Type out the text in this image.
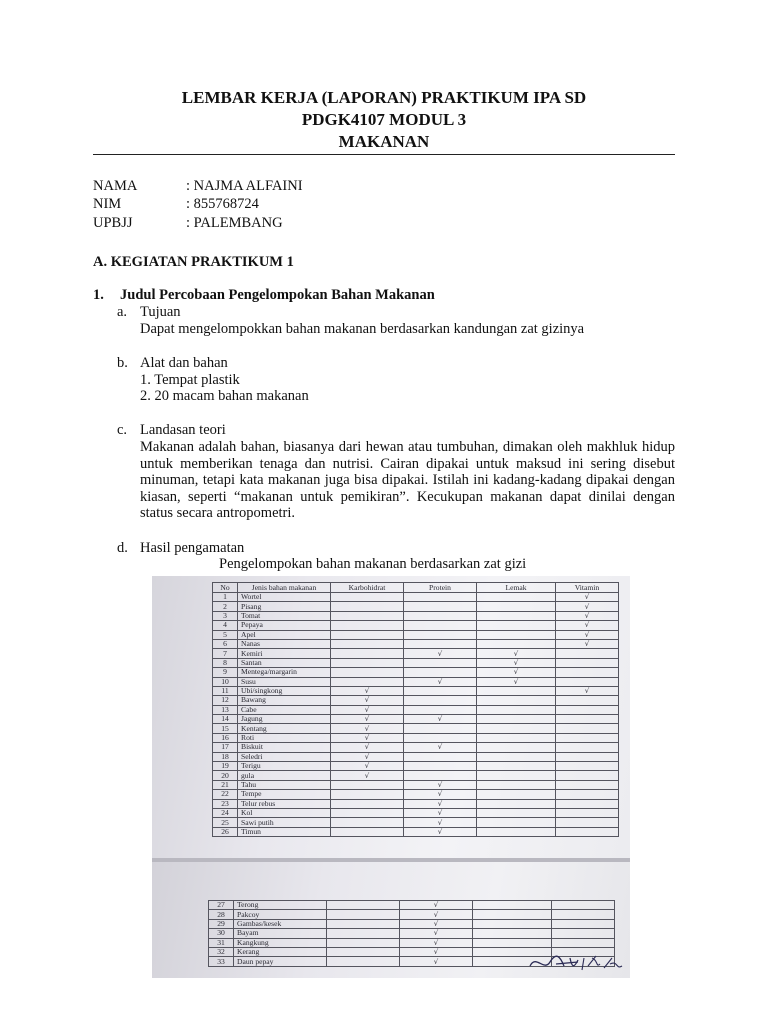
LEMBAR KERJA (LAPORAN) PRAKTIKUM IPA SD
PDGK4107 MODUL 3
MAKANAN
NAMA	: NAJMA ALFAINI
NIM	: 855768724
UPBJJ	: PALEMBANG
A. KEGIATAN PRAKTIKUM 1
1. Judul Percobaan Pengelompokan Bahan Makanan
a. Tujuan
Dapat mengelompokkan bahan makanan berdasarkan kandungan zat gizinya
b. Alat dan bahan
1. Tempat plastik
2. 20 macam bahan makanan
c. Landasan teori
Makanan adalah bahan, biasanya dari hewan atau tumbuhan, dimakan oleh makhluk hidup untuk memberikan tenaga dan nutrisi. Cairan dipakai untuk maksud ini sering disebut minuman, tetapi kata makanan juga bisa dipakai. Istilah ini kadang-kadang dipakai dengan kiasan, seperti “makanan untuk pemikiran”. Kecukupan makanan dapat dinilai dengan status secara antropometri.
d. Hasil pengamatan
Pengelompokan bahan makanan berdasarkan zat gizi
No	Jenis bahan makanan	Karbohidrat	Protein	Lemak	Vitamin
1	Wortel				√
2	Pisang				√
3	Tomat				√
4	Pepaya				√
5	Apel				√
6	Nanas				√
7	Kemiri		√	√	
8	Santan			√	
9	Mentega/margarin			√	
10	Susu		√	√	
11	Ubi/singkong	√			√
12	Bawang	√			
13	Cabe	√			
14	Jagung	√	√		
15	Kentang	√			
16	Roti	√			
17	Biskuit	√	√		
18	Seledri	√			
19	Terigu	√			
20	gula	√			
21	Tahu		√		
22	Tempe		√		
23	Telur rebus		√		
24	Kol		√		
25	Sawi putih		√		
26	Timun		√		
27	Terong		√		
28	Pakcoy		√		
29	Gambas/kesek		√		
30	Bayam		√		
31	Kangkung		√		
32	Kerang		√		
33	Daun pepay		√		
